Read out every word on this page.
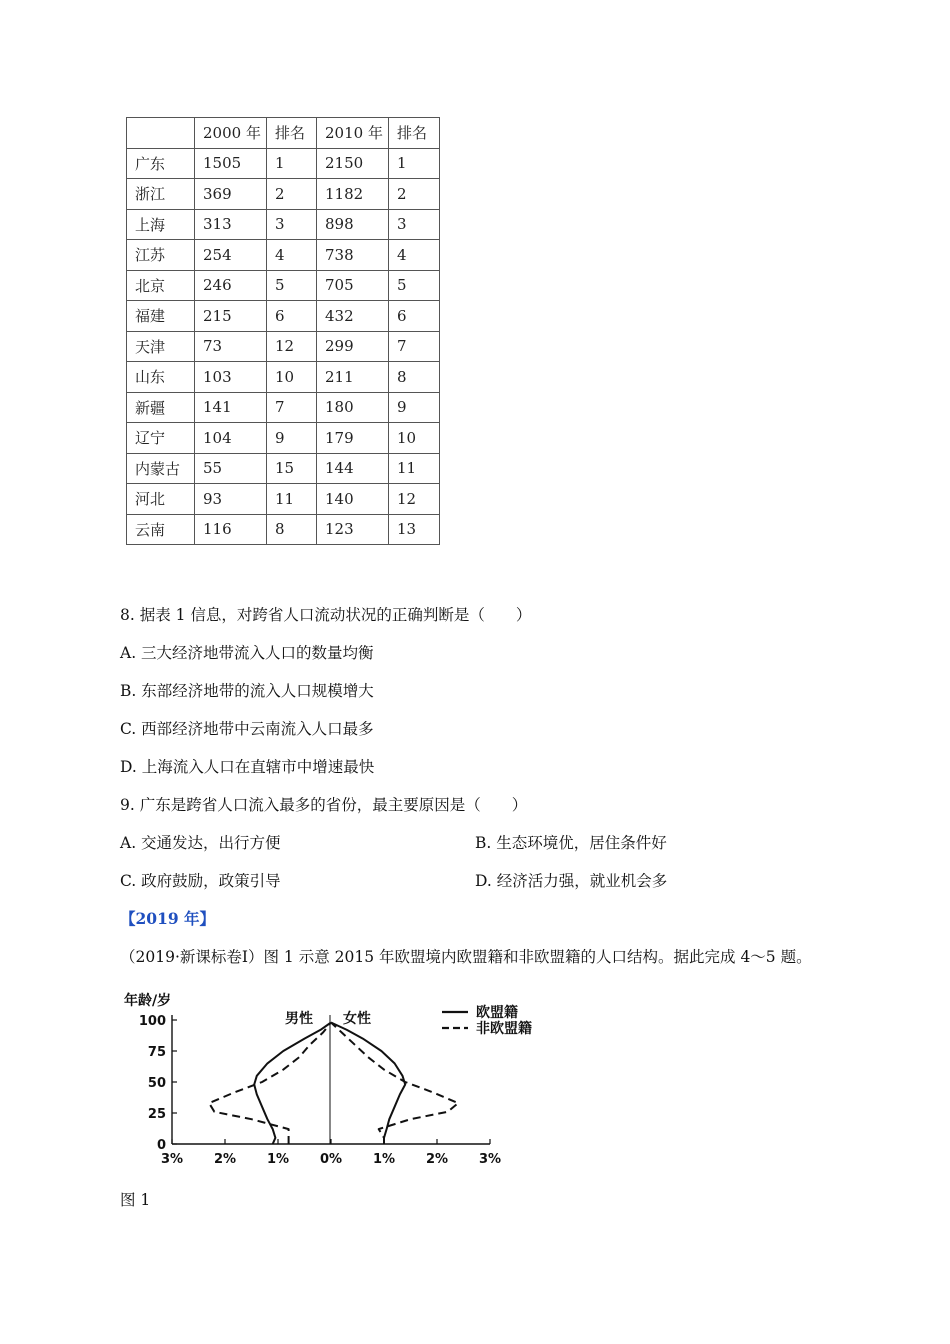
	2000 年	排名	2010 年	排名
广东	1505	1	2150	1
浙江	369	2	1182	2
上海	313	3	898	3
江苏	254	4	738	4
北京	246	5	705	5
福建	215	6	432	6
天津	73	12	299	7
山东	103	10	211	8
新疆	141	7	180	9
辽宁	104	9	179	10
内蒙古	55	15	144	11
河北	93	11	140	12
云南	116	8	123	13
8. 据表 1 信息，对跨省人口流动状况的正确判断是（　　）
A. 三大经济地带流入人口的数量均衡
B. 东部经济地带的流入人口规模增大
C. 西部经济地带中云南流入人口最多
D. 上海流入人口在直辖市中增速最快
9. 广东是跨省人口流入最多的省份，最主要原因是（　　）
A. 交通发达，出行方便	B. 生态环境优，居住条件好
C. 政府鼓励，政策引导	D. 经济活力强，就业机会多
【2019 年】
（2019·新课标卷Ⅰ）图 1 示意 2015 年欧盟境内欧盟籍和非欧盟籍的人口结构。据此完成 4～5 题。
年龄/岁
100
75
50
25
0
3% 2% 1% 0% 1% 2% 3%
男性 女性	欧盟籍
非欧盟籍
图 1
